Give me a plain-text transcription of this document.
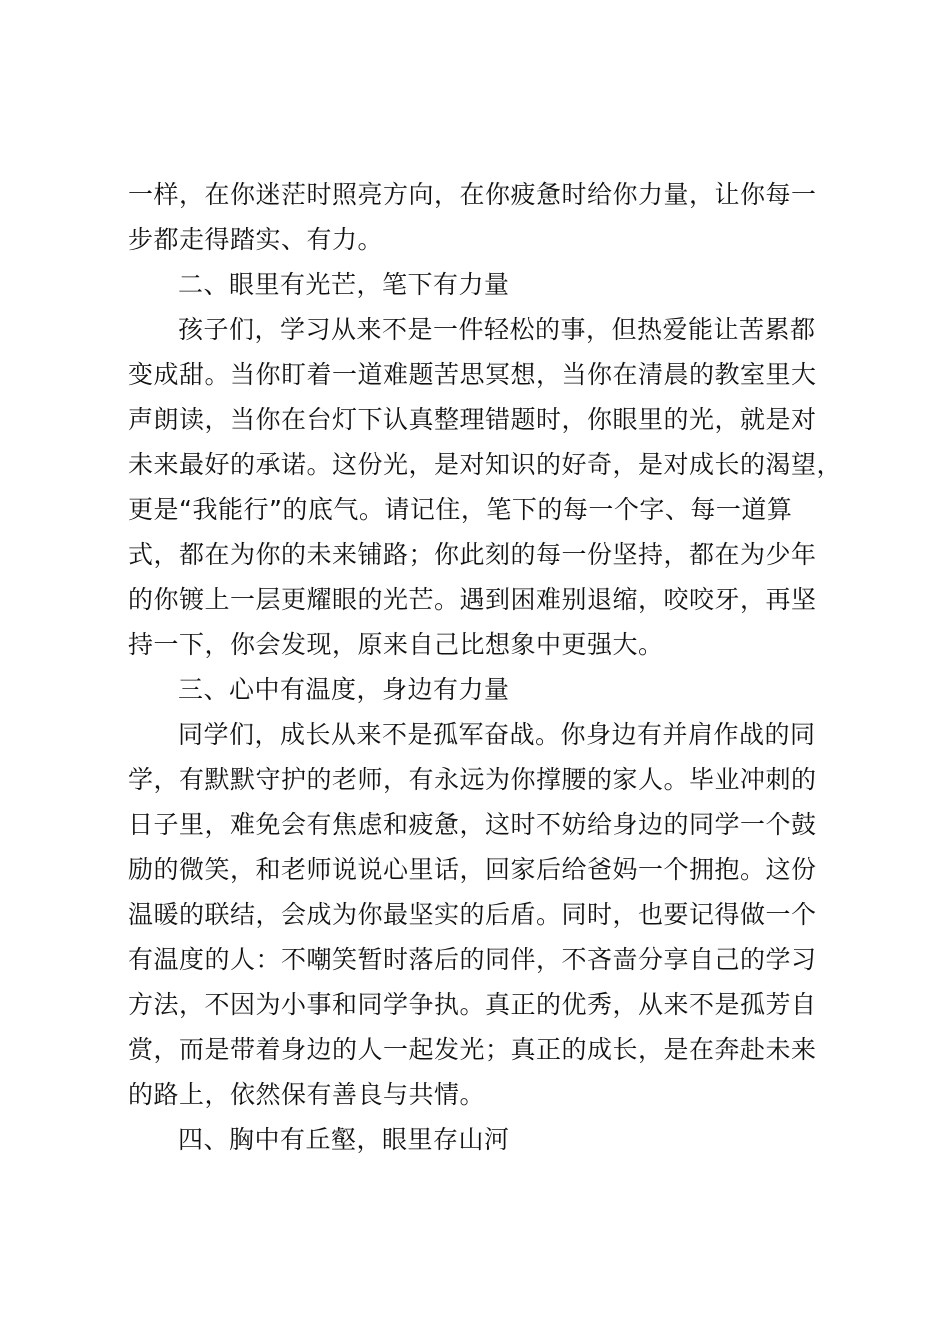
一样，在你迷茫时照亮方向，在你疲惫时给你力量，让你每一
步都走得踏实、有力。
二、眼里有光芒，笔下有力量
孩子们，学习从来不是一件轻松的事，但热爱能让苦累都
变成甜。当你盯着一道难题苦思冥想，当你在清晨的教室里大
声朗读，当你在台灯下认真整理错题时，你眼里的光，就是对
未来最好的承诺。这份光，是对知识的好奇，是对成长的渴望，
更是“我能行”的底气。请记住，笔下的每一个字、每一道算
式，都在为你的未来铺路；你此刻的每一份坚持，都在为少年
的你镀上一层更耀眼的光芒。遇到困难别退缩，咬咬牙，再坚
持一下，你会发现，原来自己比想象中更强大。
三、心中有温度，身边有力量
同学们，成长从来不是孤军奋战。你身边有并肩作战的同
学，有默默守护的老师，有永远为你撑腰的家人。毕业冲刺的
日子里，难免会有焦虑和疲惫，这时不妨给身边的同学一个鼓
励的微笑，和老师说说心里话，回家后给爸妈一个拥抱。这份
温暖的联结，会成为你最坚实的后盾。同时，也要记得做一个
有温度的人：不嘲笑暂时落后的同伴，不吝啬分享自己的学习
方法，不因为小事和同学争执。真正的优秀，从来不是孤芳自
赏，而是带着身边的人一起发光；真正的成长，是在奔赴未来
的路上，依然保有善良与共情。
四、胸中有丘壑，眼里存山河
